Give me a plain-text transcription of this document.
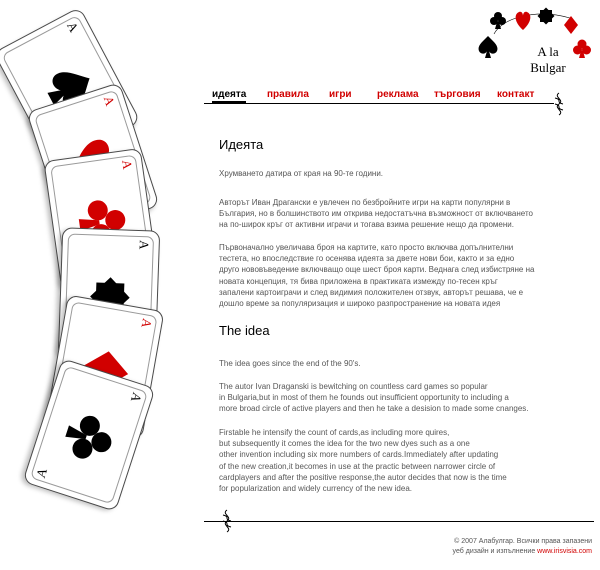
A
A
A
A
A
A
A
A la
Bulgar
идеята правила игри	реклама търговия контакт
Идеята
Хрумването датира от края на 90-те години.
Авторът Иван Драгански е увлечен по безбройните игри на карти популярни в
България, но в болшинството им открива недостатъчна възможност от включването
на по-широк кръг от активни играчи и тогава взима решение нещо да промени.
Първоначално увеличава броя на картите, като просто включва допълнителни
тестета, но впоследствие го осенява идеята за двете нови бои, както и за едно
друго нововъведение включващо още шест броя карти. Веднага след избистряне на
новата концепция, тя бива приложена в практиката измежду по-тесен кръг
запалени картоиграчи и след видимия положителен отзвук, авторът решава, че е
дошло време за популяризация и широко разпространение на новата идея
The idea
The idea goes since the end of the 90's.
The autor Ivan Draganski is bewitching on countless card games so popular
in Bulgaria,but in most of them he founds out insufficient opportunity to including a
more broad circle of active players and then he take a desision to made some cnanges.
Firstable he intensify the count of cards,as including more quires,
but subsequently it comes the idea for the two new dyes such as a one
other invention including six more numbers of cards.Immediately after updating
of the new creation,it becomes in use at the practic between narrower circle of
cardplayers and after the positive response,the autor decides that now is the time
for popularization and widely currency of the new idea.
© 2007 Алабулгар. Всички права запазени
уеб дизайн и изпълнение www.irisvisia.com
